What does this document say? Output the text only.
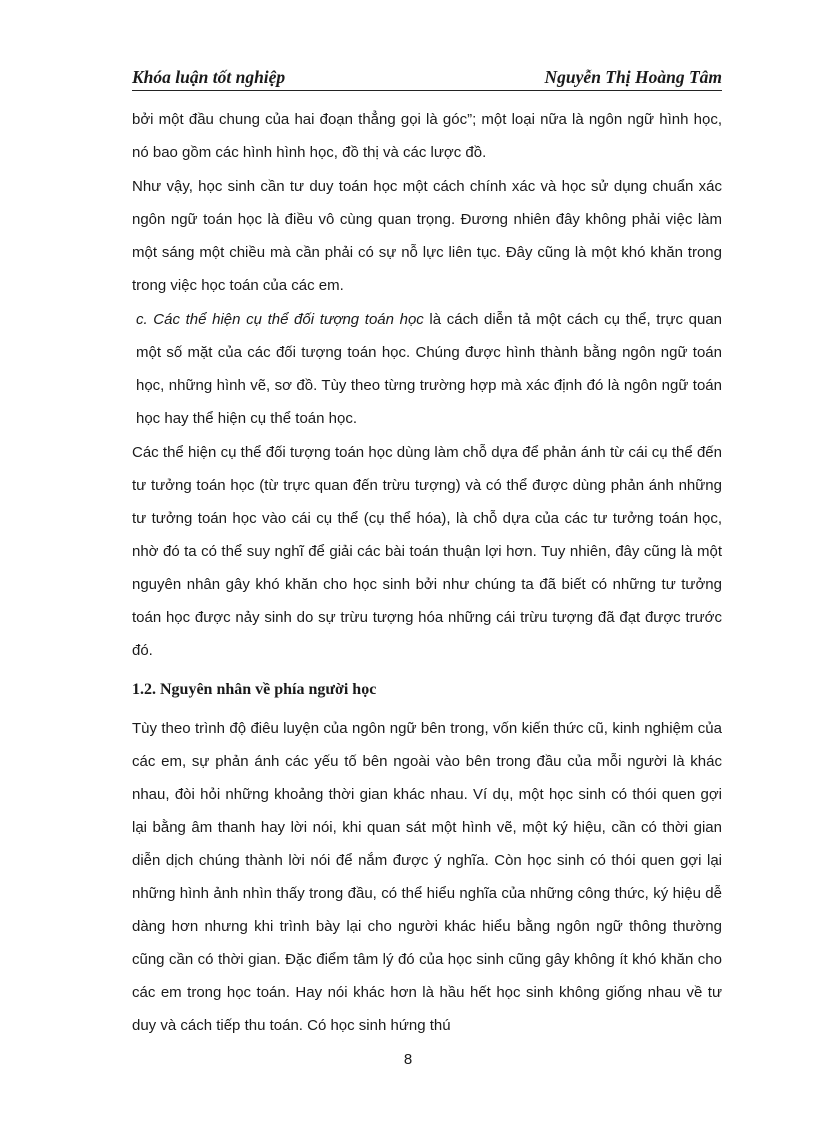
Khóa luận tốt nghiệp	Nguyễn Thị Hoàng Tâm

bởi một đầu chung của hai đoạn thẳng gọi là góc”; một loại nữa là ngôn ngữ hình học, nó bao gồm các hình hình học, đồ thị và các lược đồ.

Như vậy, học sinh cần tư duy toán học một cách chính xác và học sử dụng chuẩn xác ngôn ngữ toán học là điều vô cùng quan trọng. Đương nhiên đây không phải việc làm một sáng một chiều mà cần phải có sự nỗ lực liên tục. Đây cũng là một khó khăn trong trong việc học toán của các em.

c. Các thể hiện cụ thể đối tượng toán học là cách diễn tả một cách cụ thể, trực quan một số mặt của các đối tượng toán học. Chúng được hình thành bằng ngôn ngữ toán học, những hình vẽ, sơ đồ. Tùy theo từng trường hợp mà xác định đó là ngôn ngữ toán học hay thể hiện cụ thể toán học.

Các thể hiện cụ thể đối tượng toán học dùng làm chỗ dựa để phản ánh từ cái cụ thể đến tư tưởng toán học (từ trực quan đến trừu tượng) và có thể được dùng phản ánh những tư tưởng toán học vào cái cụ thể (cụ thể hóa), là chỗ dựa của các tư tưởng toán học, nhờ đó ta có thể suy nghĩ để giải các bài toán thuận lợi hơn. Tuy nhiên, đây cũng là một nguyên nhân gây khó khăn cho học sinh bởi như chúng ta đã biết có những tư tưởng toán học được nảy sinh do sự trừu tượng hóa những cái trừu tượng đã đạt được trước đó.

1.2. Nguyên nhân về phía người học

Tùy theo trình độ điêu luyện của ngôn ngữ bên trong, vốn kiến thức cũ, kinh nghiệm của các em, sự phản ánh các yếu tố bên ngoài vào bên trong đầu của mỗi người là khác nhau, đòi hỏi những khoảng thời gian khác nhau. Ví dụ, một học sinh có thói quen gợi lại bằng âm thanh hay lời nói, khi quan sát một hình vẽ, một ký hiệu, cần có thời gian diễn dịch chúng thành lời nói để nắm được ý nghĩa. Còn học sinh có thói quen gợi lại những hình ảnh nhìn thấy trong đầu, có thể hiểu nghĩa của những công thức, ký hiệu dễ dàng hơn nhưng khi trình bày lại cho người khác hiểu bằng ngôn ngữ thông thường cũng cần có thời gian. Đặc điểm tâm lý đó của học sinh cũng gây không ít khó khăn cho các em trong học toán. Hay nói khác hơn là hầu hết học sinh không giống nhau về tư duy và cách tiếp thu toán. Có học sinh hứng thú

8
